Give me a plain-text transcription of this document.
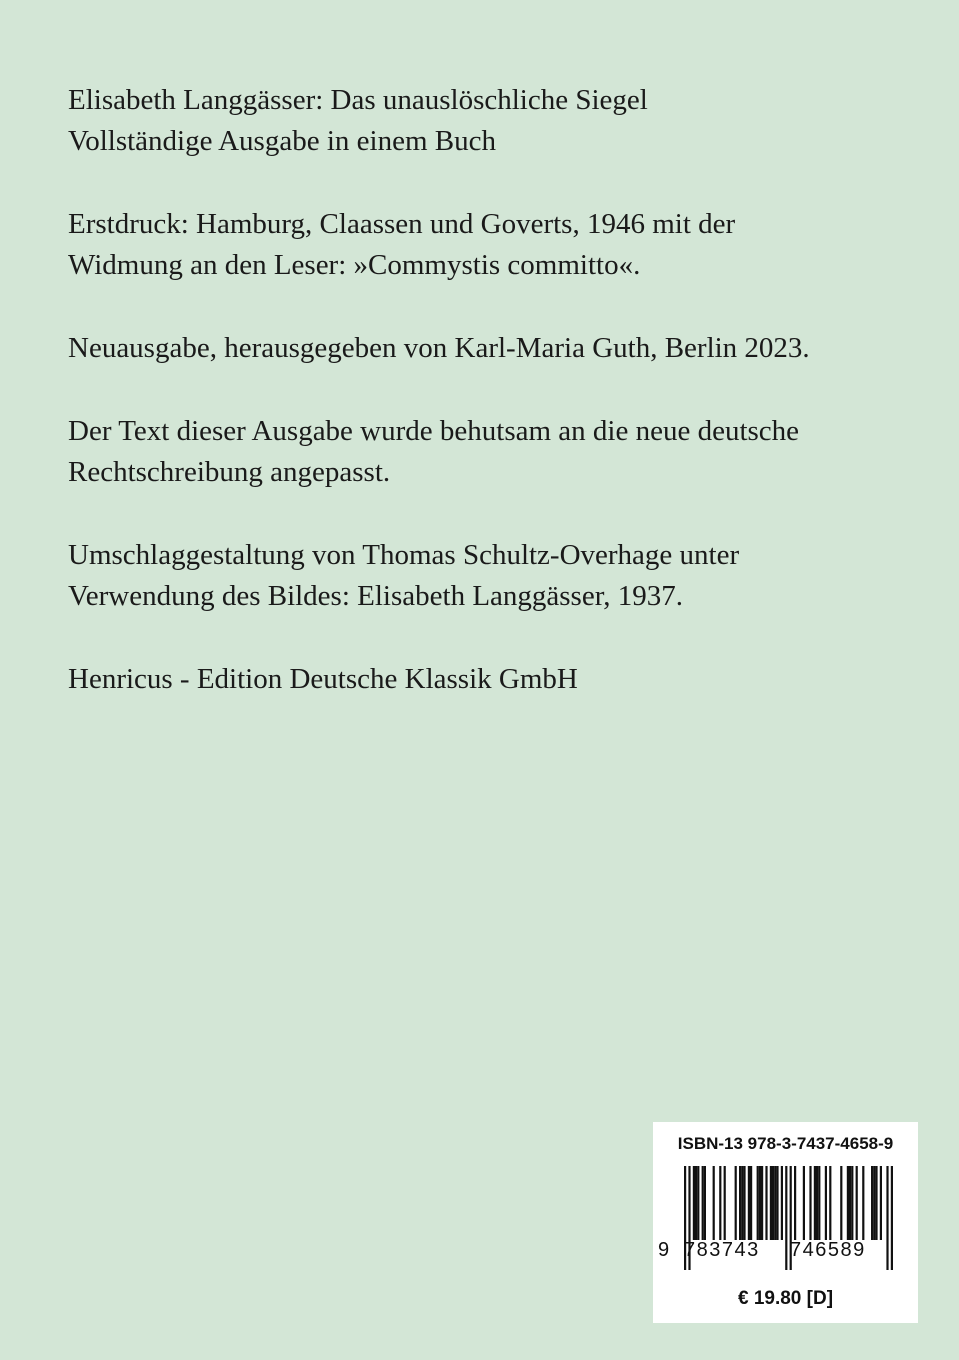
Elisabeth Langgässer: Das unauslöschliche Siegel
Vollständige Ausgabe in einem Buch

Erstdruck: Hamburg, Claassen und Goverts, 1946 mit der
Widmung an den Leser: »Commystis committo«.

Neuausgabe, herausgegeben von Karl-Maria Guth, Berlin 2023.

Der Text dieser Ausgabe wurde behutsam an die neue deutsche
Rechtschreibung angepasst.

Umschlaggestaltung von Thomas Schultz-Overhage unter
Verwendung des Bildes: Elisabeth Langgässer, 1937.

Henricus - Edition Deutsche Klassik GmbH

ISBN-13 978-3-7437-4658-9
9 783743 746589
€ 19.80 [D]
